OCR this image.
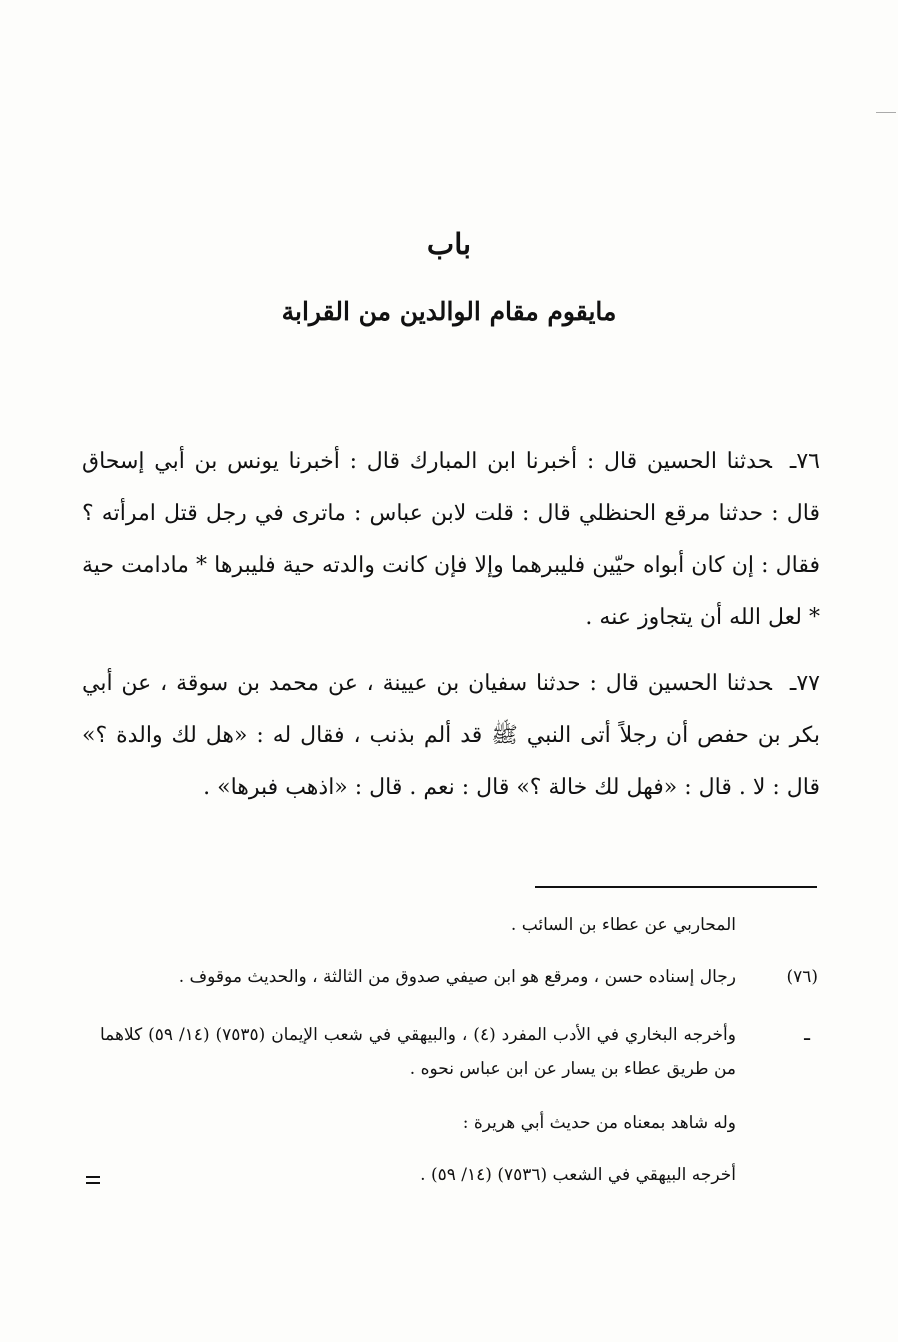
باب
مايقوم مقام الوالدين من القرابة
٧٦ـحدثنا الحسين قال : أخبرنا ابن المبارك قال : أخبرنا يونس بن أبي إسحاق قال : حدثنا مرقع الحنظلي قال : قلت لابن عباس : ماترى في رجل قتل امرأته ؟ فقال : إن كان أبواه حيّين فليبرهما وإلا فإن كانت والدته حية فليبرها * مادامت حية * لعل الله أن يتجاوز عنه .
٧٧ـحدثنا الحسين قال : حدثنا سفيان بن عيينة ، عن محمد بن سوقة ، عن أبي بكر بن حفص أن رجلاً أتى النبي ﷺ قد ألم بذنب ، فقال له : «هل لك والدة ؟» قال : لا . قال : «فهل لك خالة ؟» قال : نعم . قال : «اذهب فبرها» .
المحاربي عن عطاء بن السائب .
(٧٦)
رجال إسناده حسن ، ومرقع هو ابن صيفي صدوق من الثالثة ، والحديث موقوف .
ـ
وأخرجه البخاري في الأدب المفرد (٤) ، والبيهقي في شعب الإيمان (٧٥٣٥) (١٤/ ٥٩) كلاهما من طريق عطاء بن يسار عن ابن عباس نحوه .
وله شاهد بمعناه من حديث أبي هريرة :
أخرجه البيهقي في الشعب (٧٥٣٦) (١٤/ ٥٩) .
